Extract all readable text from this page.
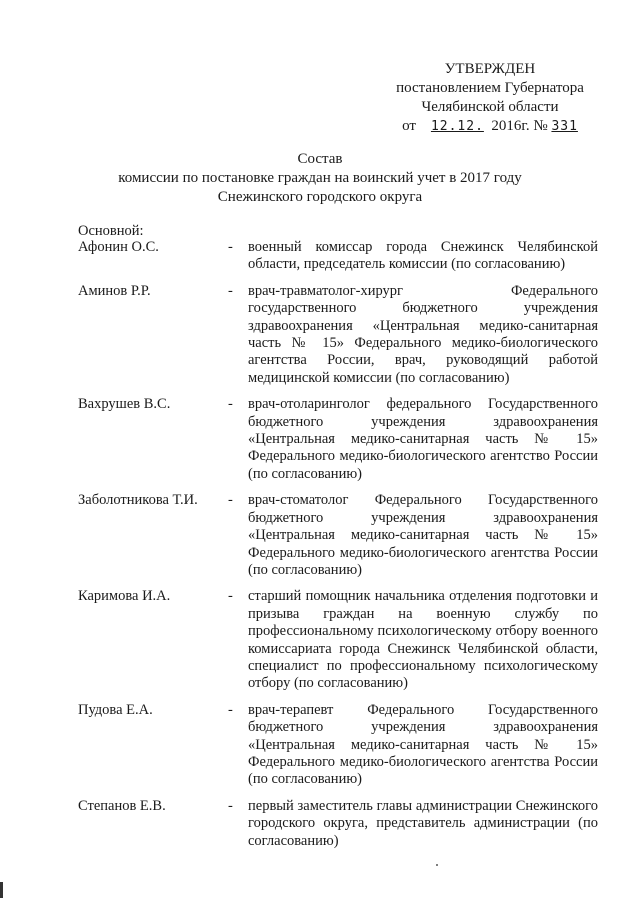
УТВЕРЖДЕН
постановлением Губернатора
Челябинской области
от 12.12. 2016г. № 331
Состав
комиссии по постановке граждан на воинский учет в 2017 году
Снежинского городского округа
Основной:
Афонин О.С.	-	военный комиссар города Снежинск Челябинской области, председатель комиссии (по согласованию)
Аминов Р.Р.	-	врач-травматолог-хирург Федерального государственного бюджетного учреждения здравоохранения «Центральная медико-санитарная часть № 15» Федерального медико-биологического агентства России, врач, руководящий работой медицинской комиссии (по согласованию)
Вахрушев В.С.	-	врач-отоларинголог федерального Государственного бюджетного учреждения здравоохранения «Центральная медико-санитарная часть № 15» Федерального медико-биологического агентство России (по согласованию)
Заболотникова Т.И.	-	врач-стоматолог Федерального Государственного бюджетного учреждения здравоохранения «Центральная медико-санитарная часть № 15» Федерального медико-биологического агентства России (по согласованию)
Каримова И.А.	-	старший помощник начальника отделения подготовки и призыва граждан на военную службу по профессиональному психологическому отбору военного комиссариата города Снежинск Челябинской области, специалист по профессиональному психологическому отбору (по согласованию)
Пудова Е.А.	-	врач-терапевт Федерального Государственного бюджетного учреждения здравоохранения «Центральная медико-санитарная часть № 15» Федерального медико-биологического агентства России (по согласованию)
Степанов Е.В.	-	первый заместитель главы администрации Снежинского городского округа, представитель администрации (по согласованию)
